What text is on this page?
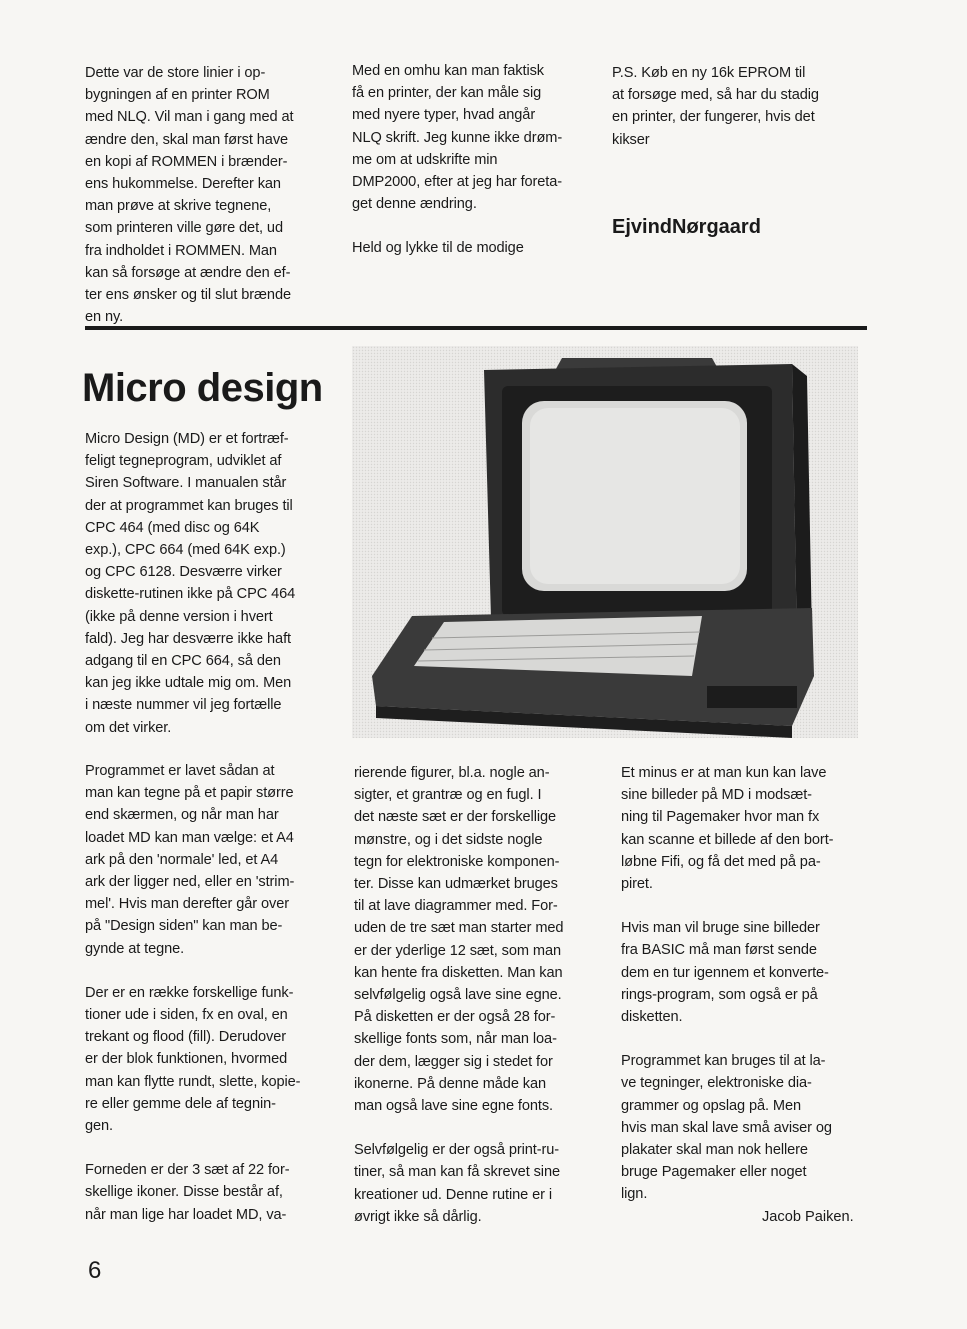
Dette var de store linier i op-
bygningen af en printer ROM
med NLQ. Vil man i gang med at
ændre den, skal man først have
en kopi af ROMMEN i brænder-
ens hukommelse. Derefter kan
man prøve at skrive tegnene,
som printeren ville gøre det, ud
fra indholdet i ROMMEN. Man
kan så forsøge at ændre den ef-
ter ens ønsker og til slut brænde
en ny.

Med en omhu kan man faktisk
få en printer, der kan måle sig
med nyere typer, hvad angår
NLQ skrift. Jeg kunne ikke drøm-
me om at udskrifte min
DMP2000, efter at jeg har foreta-
get denne ændring.

Held og lykke til de modige

P.S. Køb en ny 16k EPROM til
at forsøge med, så har du stadig
en printer, der fungerer, hvis det
kikser

EjvindNørgaard
Micro design

Micro Design (MD) er et fortræf-
feligt tegneprogram, udviklet af
Siren Software. I manualen står
der at programmet kan bruges til
CPC 464 (med disc og 64K
exp.), CPC 664 (med 64K exp.)
og CPC 6128. Desværre virker
diskette-rutinen ikke på CPC 464
(ikke på denne version i hvert
fald). Jeg har desværre ikke haft
adgang til en CPC 664, så den
kan jeg ikke udtale mig om. Men
i næste nummer vil jeg fortælle
om det virker.

Programmet er lavet sådan at
man kan tegne på et papir større
end skærmen, og når man har
loadet MD kan man vælge: et A4
ark på den 'normale' led, et A4
ark der ligger ned, eller en 'strim-
mel'. Hvis man derefter går over
på "Design siden" kan man be-
gynde at tegne.

Der er en række forskellige funk-
tioner ude i siden, fx en oval, en
trekant og flood (fill). Derudover
er der blok funktionen, hvormed
man kan flytte rundt, slette, kopie-
re eller gemme dele af tegnin-
gen.

Forneden er der 3 sæt af 22 for-
skellige ikoner. Disse består af,
når man lige har loadet MD, va-

rierende figurer, bl.a. nogle an-
sigter, et grantræ og en fugl. I
det næste sæt er der forskellige
mønstre, og i det sidste nogle
tegn for elektroniske komponen-
ter. Disse kan udmærket bruges
til at lave diagrammer med. For-
uden de tre sæt man starter med
er der yderlige 12 sæt, som man
kan hente fra disketten. Man kan
selvfølgelig også lave sine egne.
På disketten er der også 28 for-
skellige fonts som, når man loa-
der dem, lægger sig i stedet for
ikonerne. På denne måde kan
man også lave sine egne fonts.

Selvfølgelig er der også print-ru-
tiner, så man kan få skrevet sine
kreationer ud. Denne rutine er i
øvrigt ikke så dårlig.

Et minus er at man kun kan lave
sine billeder på MD i modsæt-
ning til Pagemaker hvor man fx
kan scanne et billede af den bort-
løbne Fifi, og få det med på pa-
piret.

Hvis man vil bruge sine billeder
fra BASIC må man først sende
dem en tur igennem et konverte-
rings-program, som også er på
disketten.

Programmet kan bruges til at la-
ve tegninger, elektroniske dia-
grammer og opslag på. Men
hvis man skal lave små aviser og
plakater skal man nok hellere
bruge Pagemaker eller noget
lign.

Jacob Paiken.
6
